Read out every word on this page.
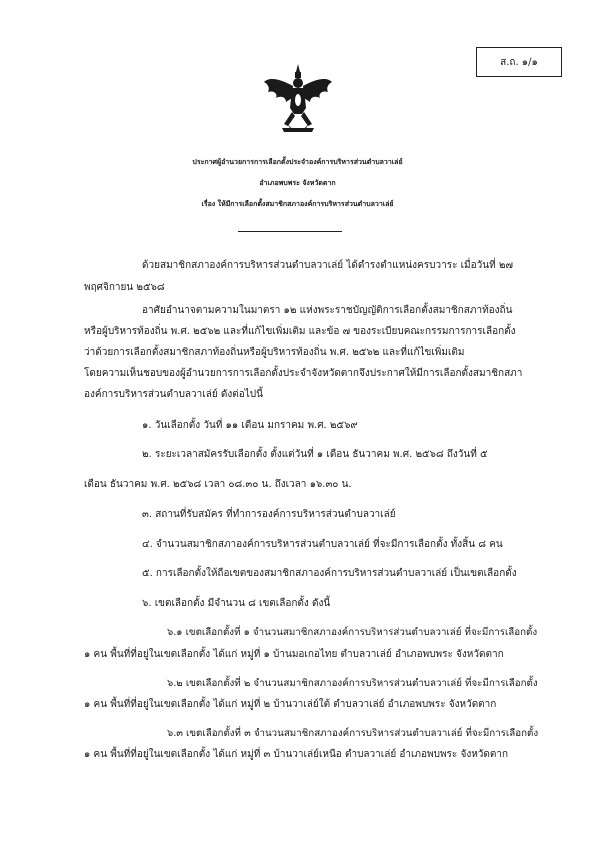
ส.ถ. ๑/๑
ประกาศผู้อำนวยการการเลือกตั้งประจำองค์การบริหารส่วนตำบลวาเล่ย์
อำเภอพบพระ จังหวัดตาก
เรื่อง ให้มีการเลือกตั้งสมาชิกสภาองค์การบริหารส่วนตำบลวาเล่ย์
ด้วยสมาชิกสภาองค์การบริหารส่วนตำบลวาเล่ย์ ได้ดำรงตำแหน่งครบวาระ เมื่อวันที่ ๒๗
พฤศจิกายน ๒๕๖๘
อาศัยอำนาจตามความในมาตรา ๑๒ แห่งพระราชบัญญัติการเลือกตั้งสมาชิกสภาท้องถิ่น
หรือผู้บริหารท้องถิ่น พ.ศ. ๒๕๖๒ และที่แก้ไขเพิ่มเติม และข้อ ๗ ของระเบียบคณะกรรมการการเลือกตั้ง
ว่าด้วยการเลือกตั้งสมาชิกสภาท้องถิ่นหรือผู้บริหารท้องถิ่น พ.ศ. ๒๕๖๒ และที่แก้ไขเพิ่มเติม
โดยความเห็นชอบของผู้อำนวยการการเลือกตั้งประจำจังหวัดตากจึงประกาศให้มีการเลือกตั้งสมาชิกสภา
องค์การบริหารส่วนตำบลวาเล่ย์ ดังต่อไปนี้
๑. วันเลือกตั้ง วันที่ ๑๑ เดือน มกราคม พ.ศ. ๒๕๖๙
๒. ระยะเวลาสมัครรับเลือกตั้ง ตั้งแต่วันที่ ๑ เดือน ธันวาคม พ.ศ. ๒๕๖๘ ถึงวันที่ ๕
เดือน ธันวาคม พ.ศ. ๒๕๖๘ เวลา ๐๘.๓๐ น. ถึงเวลา ๑๖.๓๐ น.
๓. สถานที่รับสมัคร ที่ทำการองค์การบริหารส่วนตำบลวาเล่ย์
๔. จำนวนสมาชิกสภาองค์การบริหารส่วนตำบลวาเล่ย์ ที่จะมีการเลือกตั้ง ทั้งสิ้น ๘ คน
๕. การเลือกตั้งให้ถือเขตของสมาชิกสภาองค์การบริหารส่วนตำบลวาเล่ย์ เป็นเขตเลือกตั้ง
๖. เขตเลือกตั้ง มีจำนวน ๘ เขตเลือกตั้ง ดังนี้
๖.๑ เขตเลือกตั้งที่ ๑ จำนวนสมาชิกสภาองค์การบริหารส่วนตำบลวาเล่ย์ ที่จะมีการเลือกตั้ง
๑ คน พื้นที่ที่อยู่ในเขตเลือกตั้ง ได้แก่ หมู่ที่ ๑ บ้านมอเกอไทย ตำบลวาเล่ย์ อำเภอพบพระ จังหวัดตาก
๖.๒ เขตเลือกตั้งที่ ๒ จำนวนสมาชิกสภาองค์การบริหารส่วนตำบลวาเล่ย์ ที่จะมีการเลือกตั้ง
๑ คน พื้นที่ที่อยู่ในเขตเลือกตั้ง ได้แก่ หมู่ที่ ๒ บ้านวาเล่ย์ใต้ ตำบลวาเล่ย์ อำเภอพบพระ จังหวัดตาก
๖.๓ เขตเลือกตั้งที่ ๓ จำนวนสมาชิกสภาองค์การบริหารส่วนตำบลวาเล่ย์ ที่จะมีการเลือกตั้ง
๑ คน พื้นที่ที่อยู่ในเขตเลือกตั้ง ได้แก่ หมู่ที่ ๓ บ้านวาเล่ย์เหนือ ตำบลวาเล่ย์ อำเภอพบพระ จังหวัดตาก
